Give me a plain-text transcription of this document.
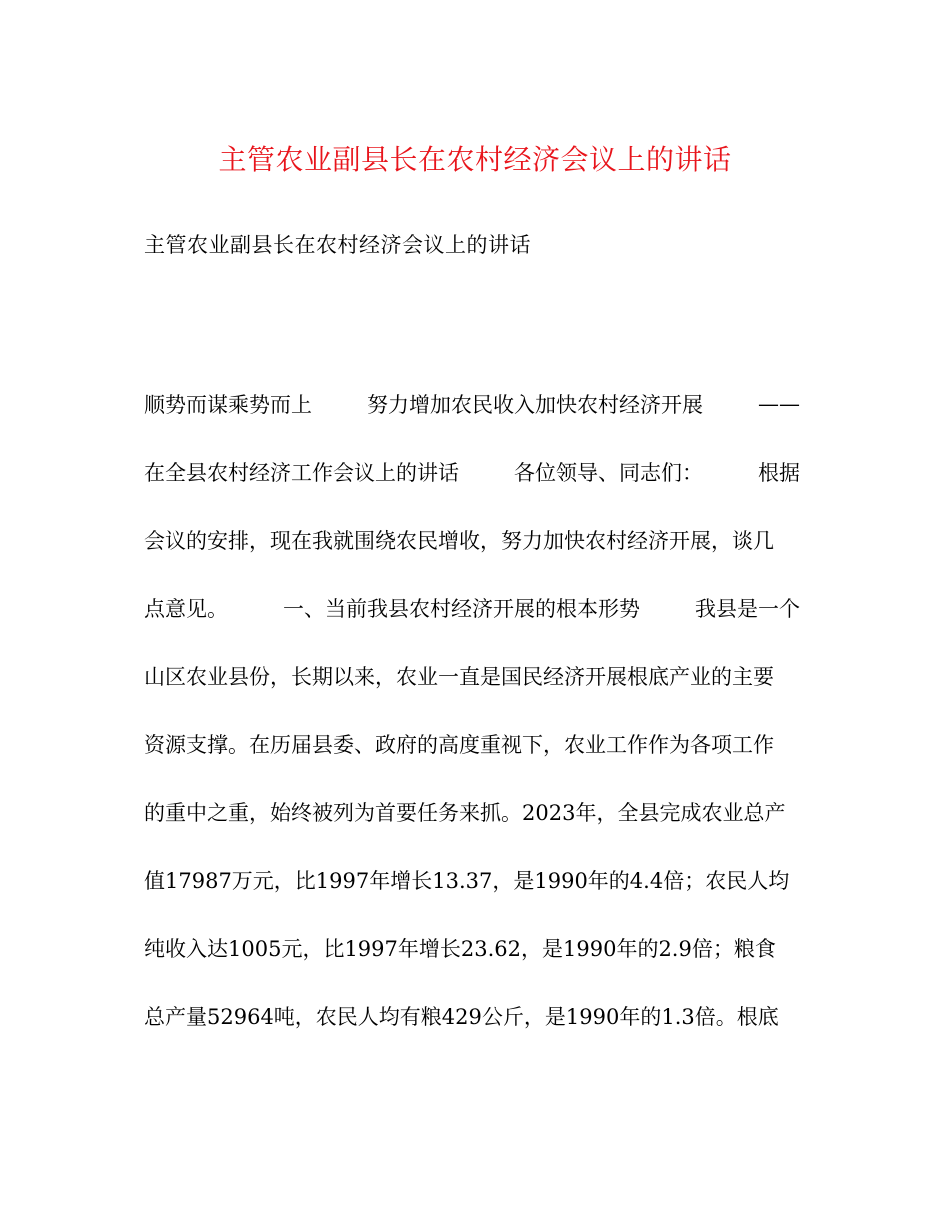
主管农业副县长在农村经济会议上的讲话
主管农业副县长在农村经济会议上的讲话
顺势而谋乘势而上	努力增加农民收入加快农村经济开展	——
在全县农村经济工作会议上的讲话	各位领导、同志们：	根据
会议的安排，现在我就围绕农民增收，努力加快农村经济开展，谈几
点意见。	一、当前我县农村经济开展的根本形势	我县是一个
山区农业县份，长期以来，农业一直是国民经济开展根底产业的主要
资源支撑。在历届县委、政府的高度重视下，农业工作作为各项工作
的重中之重，始终被列为首要任务来抓。2023年，全县完成农业总产
值17987万元，比1997年增长13.37，是1990年的4.4倍；农民人均
纯收入达1005元，比1997年增长23.62，是1990年的2.9倍；粮食
总产量52964吨，农民人均有粮429公斤，是1990年的1.3倍。根底
